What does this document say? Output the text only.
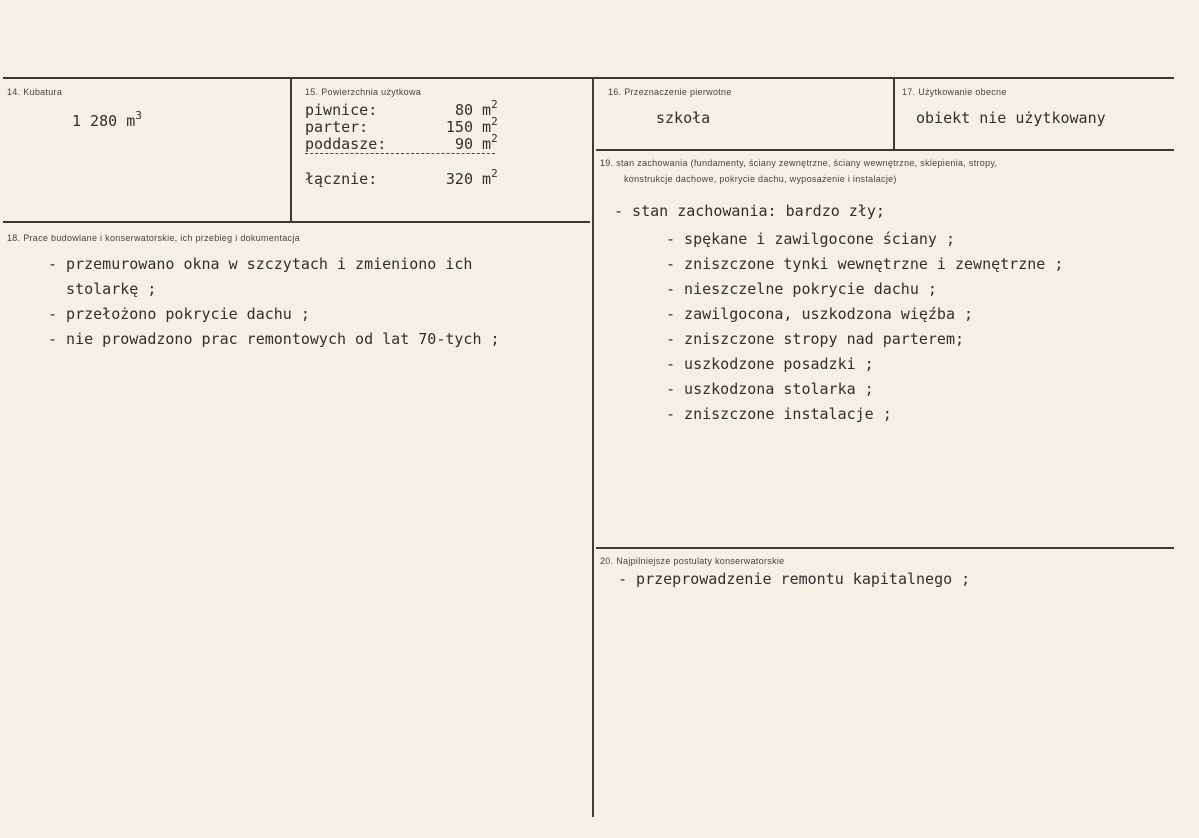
14. Kubatura
1 280 $m^3$
15. Powierzchnia użytkowa
piwnice:	80 $m^2$
parter:	150 $m^2$
poddasze:	90 $m^2$
łącznie:	320 $m^2$
16. Przeznaczenie pierwotne
szkoła
17. Użytkowanie obecne
obiekt nie użytkowany
18. Prace budowlane i konserwatorskie, ich przebieg i dokumentacja
- przemurowano okna w szczytach i zmieniono ich
stolarkę ;
- przełożono pokrycie dachu ;
- nie prowadzono prac remontowych od lat 70-tych ;
19. stan zachowania (fundamenty, ściany zewnętrzne, ściany wewnętrzne, sklepienia, stropy,
konstrukcje dachowe, pokrycie dachu, wyposażenie i instalacje)
- stan zachowania: bardzo zły;
- spękane i zawilgocone ściany ;
- zniszczone tynki wewnętrzne i zewnętrzne ;
- nieszczelne pokrycie dachu ;
- zawilgocona, uszkodzona więźba ;
- zniszczone stropy nad parterem;
- uszkodzone posadzki ;
- uszkodzona stolarka ;
- zniszczone instalacje ;
20. Najpilniejsze postulaty konserwatorskie
- przeprowadzenie remontu kapitalnego ;
